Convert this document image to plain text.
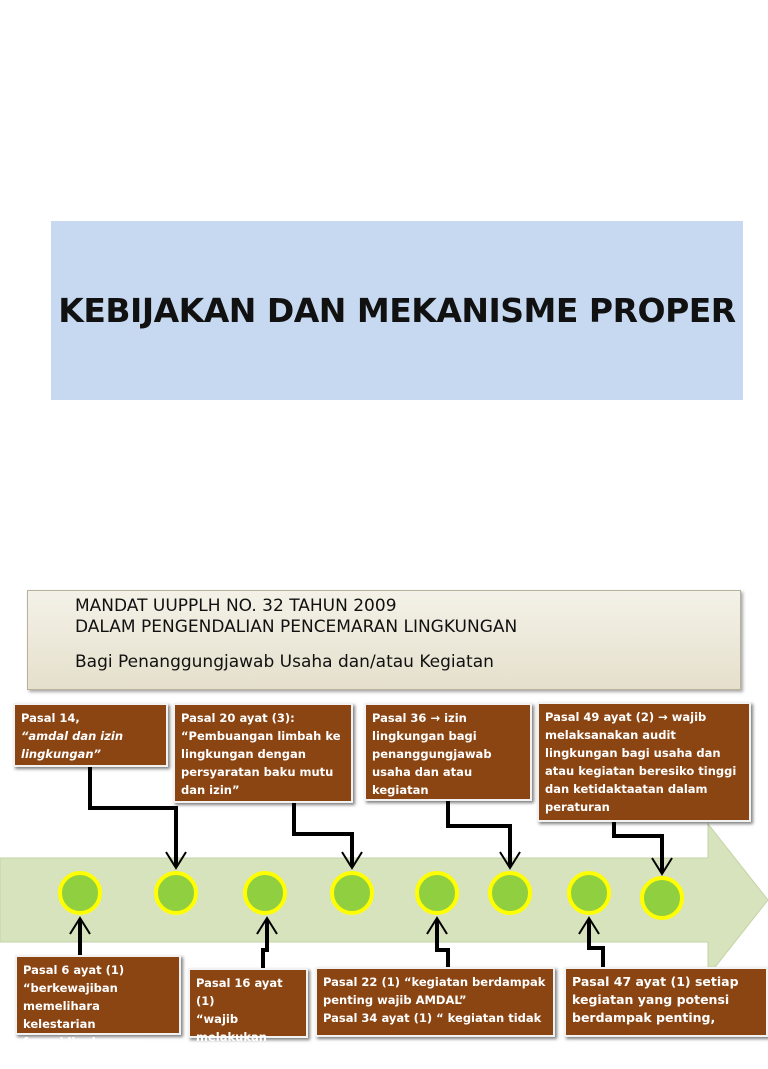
KEBIJAKAN DAN MEKANISME PROPER
MANDAT UUPPLH NO. 32 TAHUN 2009
DALAM PENGENDALIAN PENCEMARAN LINGKUNGAN
Bagi Penanggungjawab Usaha dan/atau Kegiatan
Pasal 14,
“amdal dan izin
lingkungan”
Pasal 20 ayat (3):
“Pembuangan limbah ke
lingkungan dengan
persyaratan baku mutu
dan izin”
Pasal 36 → izin
lingkungan bagi
penanggungjawab
usaha dan atau
kegiatan
Pasal 49 ayat (2) → wajib
melaksanakan audit
lingkungan bagi usaha dan
atau kegiatan beresiko tinggi
dan ketidaktaatan dalam
peraturan
Pasal 6 ayat (1)
“berkewajiban
memelihara kelestarian
fungsi lingkungan hidup
Pasal 16 ayat (1)
“wajib
melakukan
Pasal 22 (1) “kegiatan berdampak
penting wajib AMDAL”
Pasal 34 ayat (1) “ kegiatan tidak
Pasal 47 ayat (1) setiap
kegiatan yang potensi
berdampak penting,
